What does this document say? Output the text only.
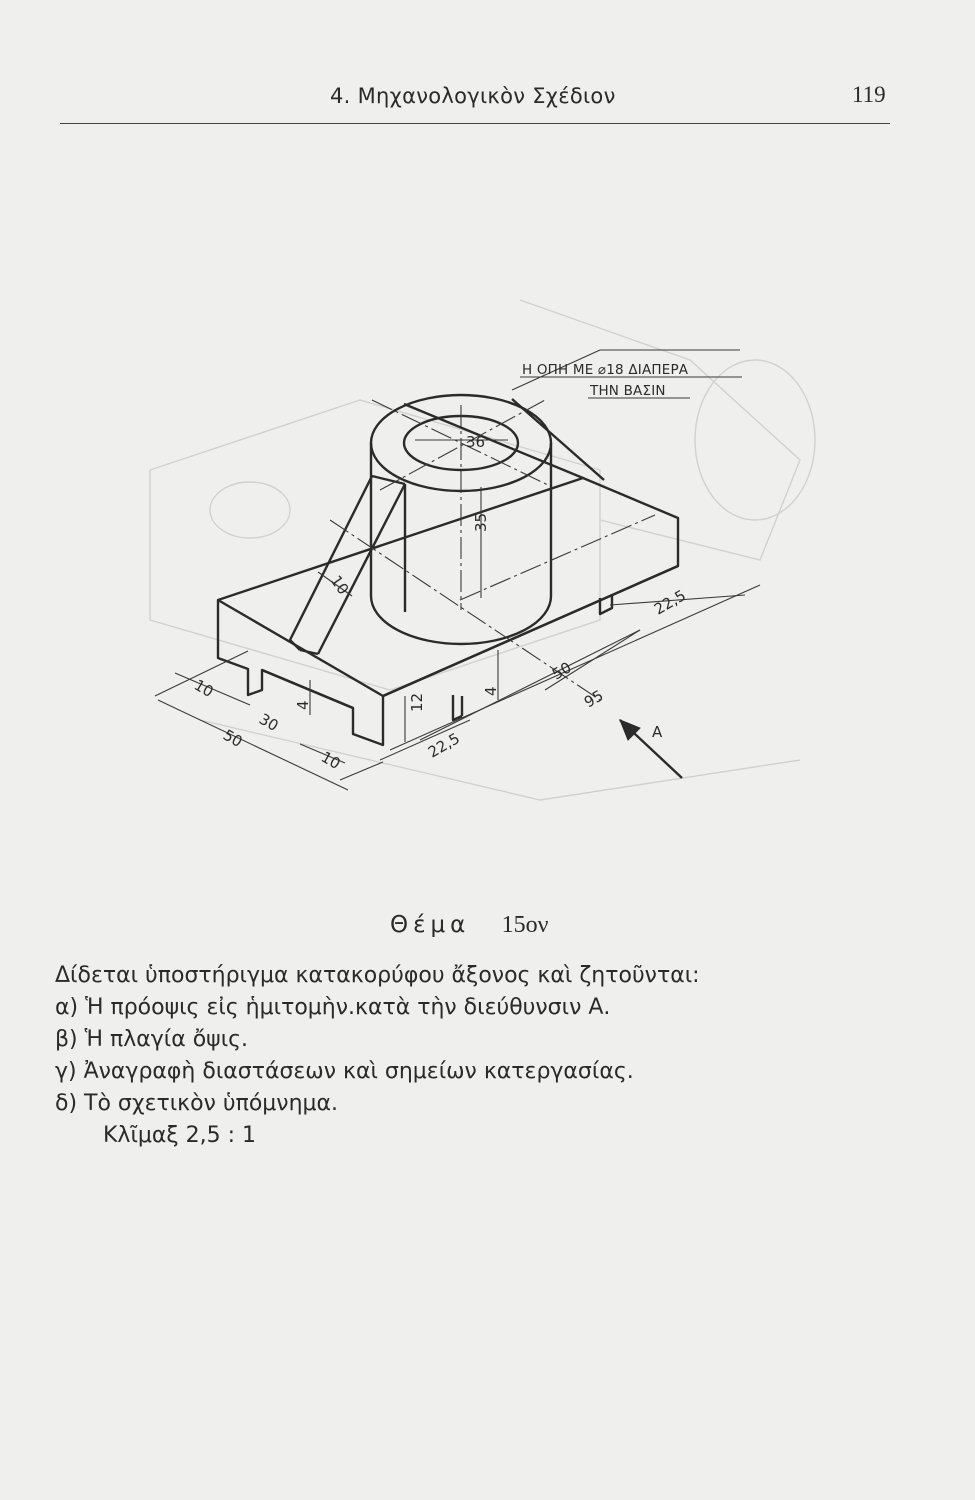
4. Μηχανολογικὸν Σχέδιον	119
Η ΟΠΗ ΜΕ ⌀18 ΔΙΑΠΕΡΑ
ΤΗΝ ΒΑΣΙΝ
36
35
10
22,5
50
95
12
4
4
22,5
10
30
50
10
A
Θέμα 15ον
Δίδεται ὑποστήριγμα κατακορύφου ἄξονος καὶ ζητοῦνται:
α) Ἡ πρόοψις εἰς ἡμιτομὴν.κατὰ τὴν διεύθυνσιν Α.
β) Ἡ πλαγία ὄψις.
γ) Ἀναγραφὴ διαστάσεων καὶ σημείων κατεργασίας.
δ) Τὸ σχετικὸν ὑπόμνημα.
Κλῖμαξ 2,5 : 1
